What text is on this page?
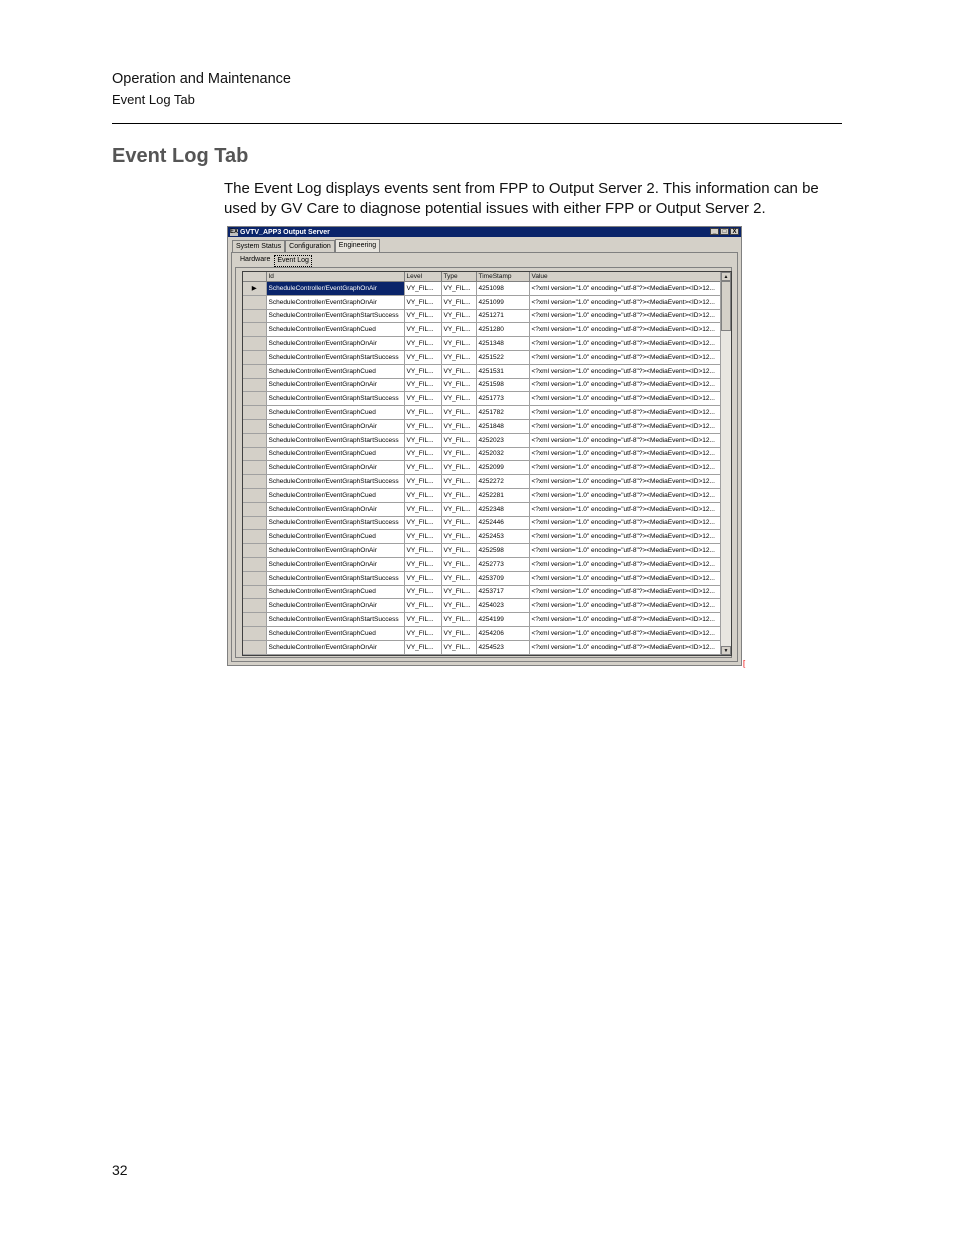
Operation and Maintenance
Event Log Tab
Event Log Tab
The Event Log displays events sent from FPP to Output Server 2. This information can be used by GV Care to diagnose potential issues with either FPP or Output Server 2.
EX GVTV_APP3 Output Server	_	□	X
System Status	Configuration	Engineering
Hardware	Event Log
	Id	Level	Type	TimeStamp	Value
▶	ScheduleController/EventGraphOnAir	VY_FIL...	VY_FIL...	4251098	<?xml version="1.0" encoding="utf-8"?><MediaEvent><ID>12...
	ScheduleController/EventGraphOnAir	VY_FIL...	VY_FIL...	4251099	<?xml version="1.0" encoding="utf-8"?><MediaEvent><ID>12...
	ScheduleController/EventGraphStartSuccess	VY_FIL...	VY_FIL...	4251271	<?xml version="1.0" encoding="utf-8"?><MediaEvent><ID>12...
	ScheduleController/EventGraphCued	VY_FIL...	VY_FIL...	4251280	<?xml version="1.0" encoding="utf-8"?><MediaEvent><ID>12...
	ScheduleController/EventGraphOnAir	VY_FIL...	VY_FIL...	4251348	<?xml version="1.0" encoding="utf-8"?><MediaEvent><ID>12...
	ScheduleController/EventGraphStartSuccess	VY_FIL...	VY_FIL...	4251522	<?xml version="1.0" encoding="utf-8"?><MediaEvent><ID>12...
	ScheduleController/EventGraphCued	VY_FIL...	VY_FIL...	4251531	<?xml version="1.0" encoding="utf-8"?><MediaEvent><ID>12...
	ScheduleController/EventGraphOnAir	VY_FIL...	VY_FIL...	4251598	<?xml version="1.0" encoding="utf-8"?><MediaEvent><ID>12...
	ScheduleController/EventGraphStartSuccess	VY_FIL...	VY_FIL...	4251773	<?xml version="1.0" encoding="utf-8"?><MediaEvent><ID>12...
	ScheduleController/EventGraphCued	VY_FIL...	VY_FIL...	4251782	<?xml version="1.0" encoding="utf-8"?><MediaEvent><ID>12...
	ScheduleController/EventGraphOnAir	VY_FIL...	VY_FIL...	4251848	<?xml version="1.0" encoding="utf-8"?><MediaEvent><ID>12...
	ScheduleController/EventGraphStartSuccess	VY_FIL...	VY_FIL...	4252023	<?xml version="1.0" encoding="utf-8"?><MediaEvent><ID>12...
	ScheduleController/EventGraphCued	VY_FIL...	VY_FIL...	4252032	<?xml version="1.0" encoding="utf-8"?><MediaEvent><ID>12...
	ScheduleController/EventGraphOnAir	VY_FIL...	VY_FIL...	4252099	<?xml version="1.0" encoding="utf-8"?><MediaEvent><ID>12...
	ScheduleController/EventGraphStartSuccess	VY_FIL...	VY_FIL...	4252272	<?xml version="1.0" encoding="utf-8"?><MediaEvent><ID>12...
	ScheduleController/EventGraphCued	VY_FIL...	VY_FIL...	4252281	<?xml version="1.0" encoding="utf-8"?><MediaEvent><ID>12...
	ScheduleController/EventGraphOnAir	VY_FIL...	VY_FIL...	4252348	<?xml version="1.0" encoding="utf-8"?><MediaEvent><ID>12...
	ScheduleController/EventGraphStartSuccess	VY_FIL...	VY_FIL...	4252446	<?xml version="1.0" encoding="utf-8"?><MediaEvent><ID>12...
	ScheduleController/EventGraphCued	VY_FIL...	VY_FIL...	4252453	<?xml version="1.0" encoding="utf-8"?><MediaEvent><ID>12...
	ScheduleController/EventGraphOnAir	VY_FIL...	VY_FIL...	4252598	<?xml version="1.0" encoding="utf-8"?><MediaEvent><ID>12...
	ScheduleController/EventGraphOnAir	VY_FIL...	VY_FIL...	4252773	<?xml version="1.0" encoding="utf-8"?><MediaEvent><ID>12...
	ScheduleController/EventGraphStartSuccess	VY_FIL...	VY_FIL...	4253709	<?xml version="1.0" encoding="utf-8"?><MediaEvent><ID>12...
	ScheduleController/EventGraphCued	VY_FIL...	VY_FIL...	4253717	<?xml version="1.0" encoding="utf-8"?><MediaEvent><ID>12...
	ScheduleController/EventGraphOnAir	VY_FIL...	VY_FIL...	4254023	<?xml version="1.0" encoding="utf-8"?><MediaEvent><ID>12...
	ScheduleController/EventGraphStartSuccess	VY_FIL...	VY_FIL...	4254199	<?xml version="1.0" encoding="utf-8"?><MediaEvent><ID>12...
	ScheduleController/EventGraphCued	VY_FIL...	VY_FIL...	4254206	<?xml version="1.0" encoding="utf-8"?><MediaEvent><ID>12...
	ScheduleController/EventGraphOnAir	VY_FIL...	VY_FIL...	4254523	<?xml version="1.0" encoding="utf-8"?><MediaEvent><ID>12...
▲
▼
[
32
